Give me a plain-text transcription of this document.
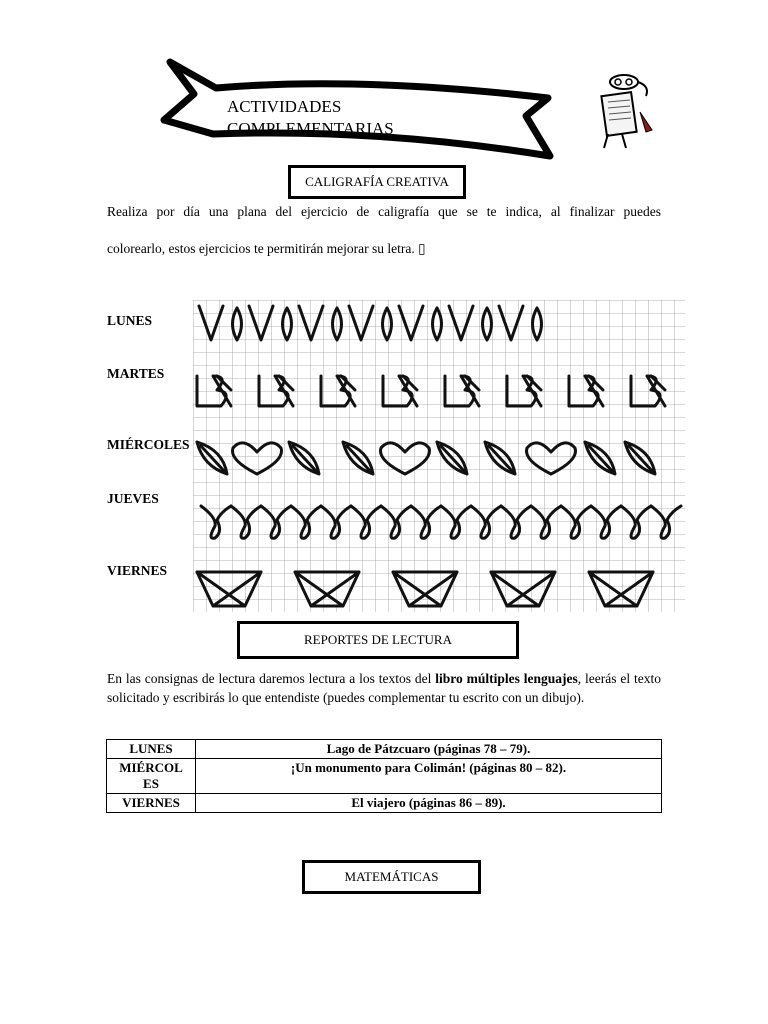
ACTIVIDADES COMPLEMENTARIAS
CALIGRAFÍA CREATIVA
Realiza por día una plana del ejercicio de caligrafía que se te indica, al finalizar puedes
colorearlo, estos ejercicios te permitirán mejorar su letra. ▯
LUNES
MARTES
MIÉRCOLES
JUEVES
VIERNES
REPORTES DE LECTURA
En las consignas de lectura daremos lectura a los textos del libro múltiples lenguajes, leerás el texto solicitado y escribirás lo que entendiste (puedes complementar tu escrito con un dibujo).
LUNES	Lago de Pátzcuaro (páginas 78 – 79).
MIÉRCOL ES	¡Un monumento para Colimán! (páginas 80 – 82).
VIERNES	El viajero (páginas 86 – 89).
MATEMÁTICAS
